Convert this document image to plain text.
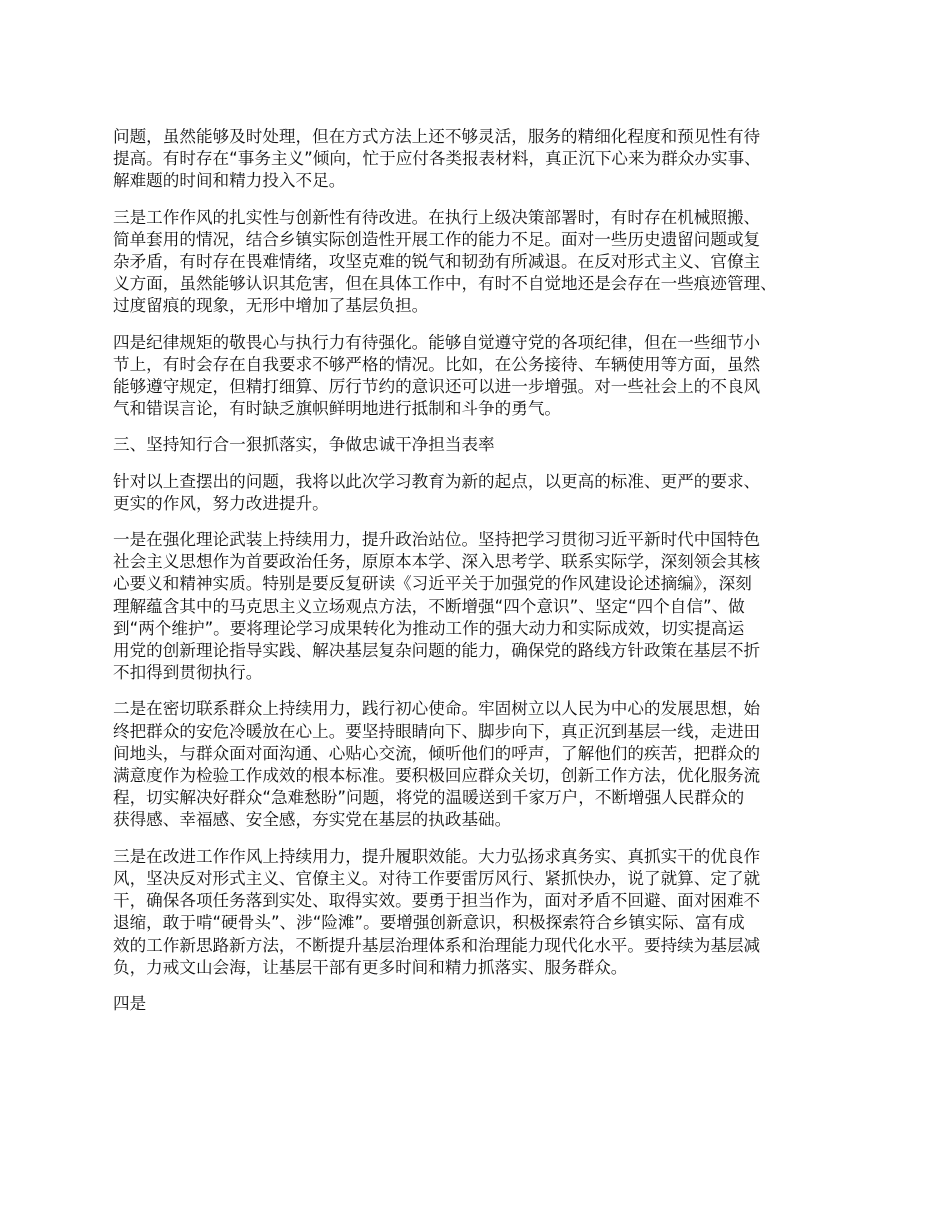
问题，虽然能够及时处理，但在方式方法上还不够灵活，服务的精细化程度和预见性有待
提高。有时存在“事务主义”倾向，忙于应付各类报表材料，真正沉下心来为群众办实事、
解难题的时间和精力投入不足。

三是工作作风的扎实性与创新性有待改进。在执行上级决策部署时，有时存在机械照搬、
简单套用的情况，结合乡镇实际创造性开展工作的能力不足。面对一些历史遗留问题或复
杂矛盾，有时存在畏难情绪，攻坚克难的锐气和韧劲有所减退。在反对形式主义、官僚主
义方面，虽然能够认识其危害，但在具体工作中，有时不自觉地还是会存在一些痕迹管理、
过度留痕的现象，无形中增加了基层负担。

四是纪律规矩的敬畏心与执行力有待强化。能够自觉遵守党的各项纪律，但在一些细节小
节上，有时会存在自我要求不够严格的情况。比如，在公务接待、车辆使用等方面，虽然
能够遵守规定，但精打细算、厉行节约的意识还可以进一步增强。对一些社会上的不良风
气和错误言论，有时缺乏旗帜鲜明地进行抵制和斗争的勇气。

三、坚持知行合一狠抓落实，争做忠诚干净担当表率

针对以上查摆出的问题，我将以此次学习教育为新的起点，以更高的标准、更严的要求、
更实的作风，努力改进提升。

一是在强化理论武装上持续用力，提升政治站位。坚持把学习贯彻习近平新时代中国特色
社会主义思想作为首要政治任务，原原本本学、深入思考学、联系实际学，深刻领会其核
心要义和精神实质。特别是要反复研读《习近平关于加强党的作风建设论述摘编》，深刻
理解蕴含其中的马克思主义立场观点方法，不断增强“四个意识”、坚定“四个自信”、做
到“两个维护”。要将理论学习成果转化为推动工作的强大动力和实际成效，切实提高运
用党的创新理论指导实践、解决基层复杂问题的能力，确保党的路线方针政策在基层不折
不扣得到贯彻执行。

二是在密切联系群众上持续用力，践行初心使命。牢固树立以人民为中心的发展思想，始
终把群众的安危冷暖放在心上。要坚持眼睛向下、脚步向下，真正沉到基层一线，走进田
间地头，与群众面对面沟通、心贴心交流，倾听他们的呼声，了解他们的疾苦，把群众的
满意度作为检验工作成效的根本标准。要积极回应群众关切，创新工作方法，优化服务流
程，切实解决好群众“急难愁盼”问题，将党的温暖送到千家万户，不断增强人民群众的
获得感、幸福感、安全感，夯实党在基层的执政基础。

三是在改进工作作风上持续用力，提升履职效能。大力弘扬求真务实、真抓实干的优良作
风，坚决反对形式主义、官僚主义。对待工作要雷厉风行、紧抓快办，说了就算、定了就
干，确保各项任务落到实处、取得实效。要勇于担当作为，面对矛盾不回避、面对困难不
退缩，敢于啃“硬骨头”、涉“险滩”。要增强创新意识，积极探索符合乡镇实际、富有成
效的工作新思路新方法，不断提升基层治理体系和治理能力现代化水平。要持续为基层减
负，力戒文山会海，让基层干部有更多时间和精力抓落实、服务群众。

四是
